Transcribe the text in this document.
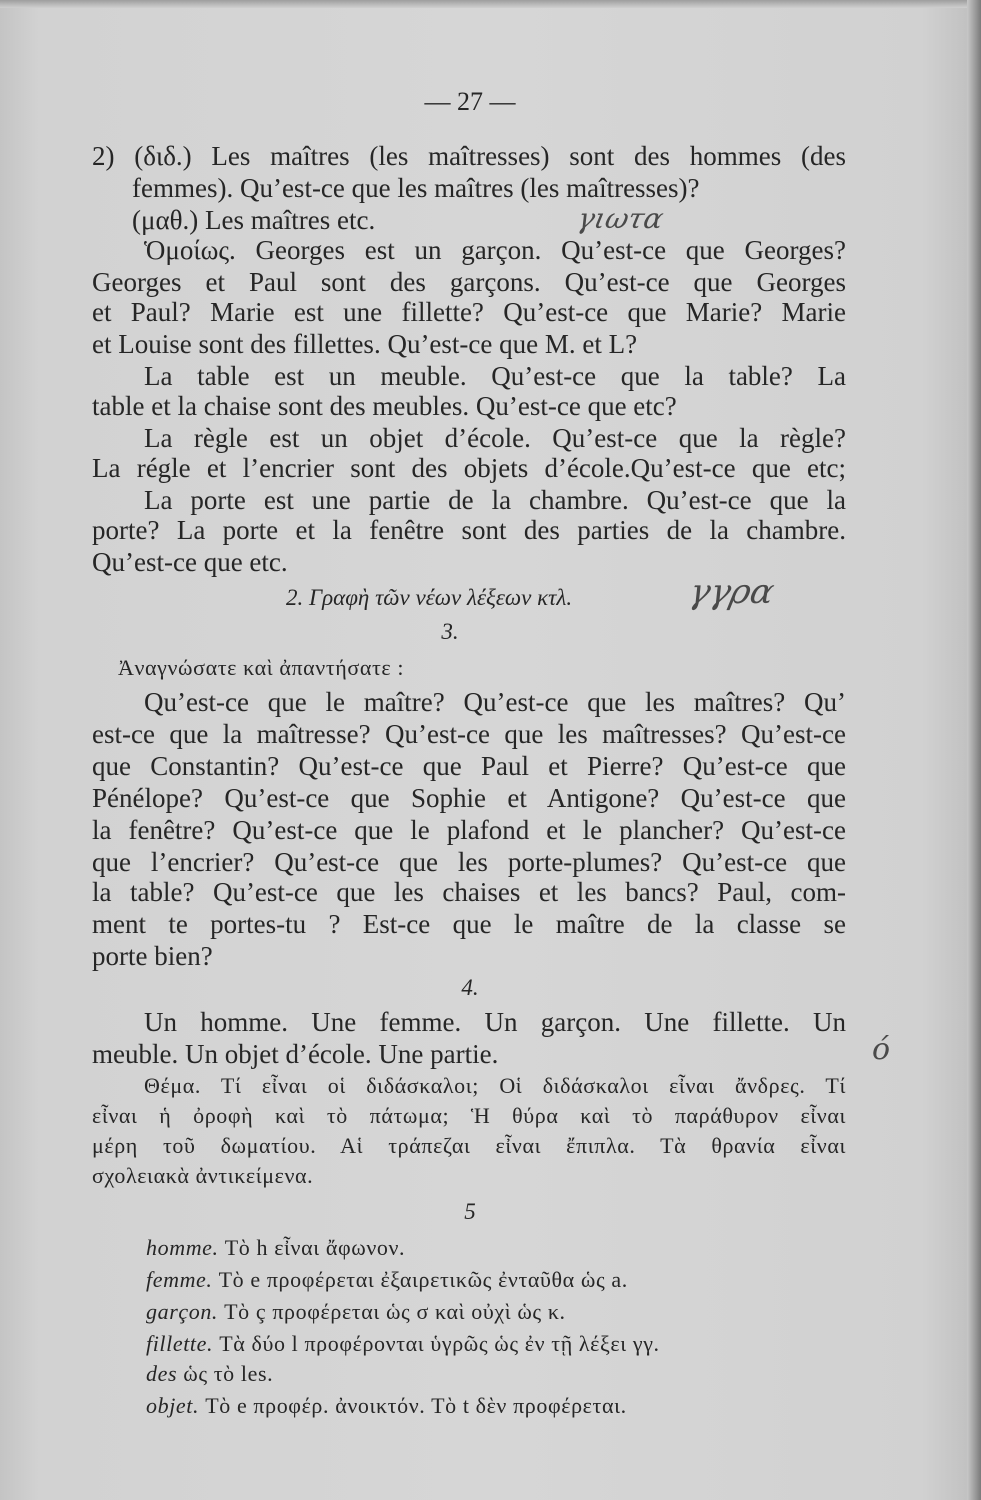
— 27 —
2) (διδ.) Les maîtres (les maîtresses) sont des hommes (des
femmes). Qu’est-ce que les maîtres (les maîtresses)?
(μαθ.) Les maîtres etc.
Ὁμοίως. Georges est un garçon. Qu’est-ce que Georges?
Georges et Paul sont des garçons. Qu’est-ce que Georges
et Paul? Marie est une fillette? Qu’est-ce que Marie? Marie
et Louise sont des fillettes. Qu’est-ce que M. et L?
La table est un meuble. Qu’est-ce que la table? La
table et la chaise sont des meubles. Qu’est-ce que etc?
La règle est un objet d’école. Qu’est-ce que la règle?
La régle et l’encrier sont des objets d’école.Qu’est-ce que etc;
La porte est une partie de la chambre. Qu’est-ce que la
porte? La porte et la fenêtre sont des parties de la chambre.
Qu’est-ce que etc.
γιωτα
γγρα
2. Γραφὴ τῶν νέων λέξεων κτλ.
3.
Ἀναγνώσατε καὶ ἀπαντήσατε :
Qu’est-ce que le maître? Qu’est-ce que les maîtres? Qu’
est-ce que la maîtresse? Qu’est-ce que les maîtresses? Qu’est-ce
que Constantin? Qu’est-ce que Paul et Pierre? Qu’est-ce que
Pénélope? Qu’est-ce que Sophie et Antigone? Qu’est-ce que
la fenêtre? Qu’est-ce que le plafond et le plancher? Qu’est-ce
que l’encrier? Qu’est-ce que les porte-plumes? Qu’est-ce que
la table? Qu’est-ce que les chaises et les bancs? Paul, com-
ment te portes-tu ? Est-ce que le maître de la classe se
porte bien?
4.
Un homme. Une femme. Un garçon. Une fillette. Un
meuble. Un objet d’école. Une partie.	ó
Θέμα. Τί εἶναι οἱ διδάσκαλοι; Οἱ διδάσκαλοι εἶναι ἄνδρες. Τί
εἶναι ἡ ὀροφὴ καὶ τὸ πάτωμα; Ἡ θύρα καὶ τὸ παράθυρον εἶναι
μέρη τοῦ δωματίου. Αἱ τράπεζαι εἶναι ἔπιπλα. Τὰ θρανία εἶναι
σχολειακὰ ἀντικείμενα.
5
homme. Τὸ h εἶναι ἄφωνον.
femme. Τὸ e προφέρεται ἐξαιρετικῶς ἐνταῦθα ὡς a.
garçon. Τὸ ç προφέρεται ὡς σ καὶ οὐχὶ ὡς κ.
fillette. Τὰ δύο l προφέρονται ὑγρῶς ὡς ἐν τῇ λέξει γγ.
des ὡς τὸ les.
objet. Τὸ e προφέρ. ἀνοικτόν. Τὸ t δὲν προφέρεται.
